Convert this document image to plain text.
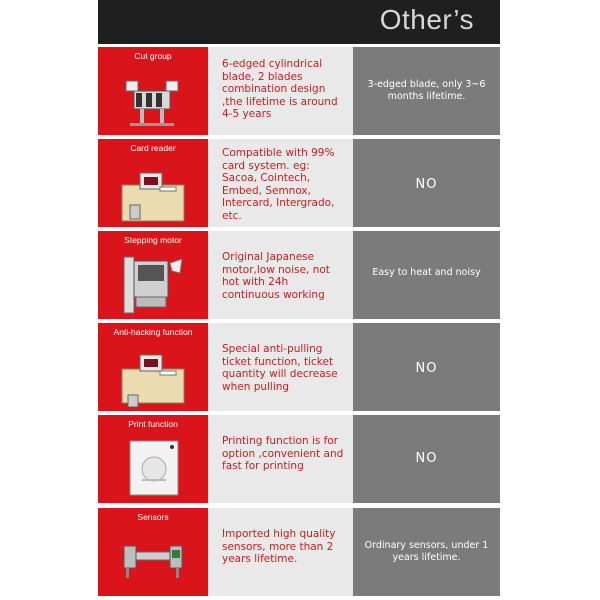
Other’s
Cut group
6-edged cylindrical blade, 2 blades combination design ,the lifetime is around 4-5 years
3-edged blade, only 3~6 months lifetime.
Card reader	Compatible with 99% card system. eg: Sacoa, Cointech, Embed, Semnox, Intercard, Intergrado, etc.
NO
Stepping motor
Original Japanese motor,low noise, not hot with 24h continuous working
Easy to heat and noisy
Anti-hacking function
Special anti-pulling ticket function, ticket quantity will decrease when pulling
NO
Print function
Printing function is for option ,convenient and fast for printing	NO
Sensors
Imported high quality sensors, more than 2 years lifetime.
Ordinary sensors, under 1 years lifetime.
